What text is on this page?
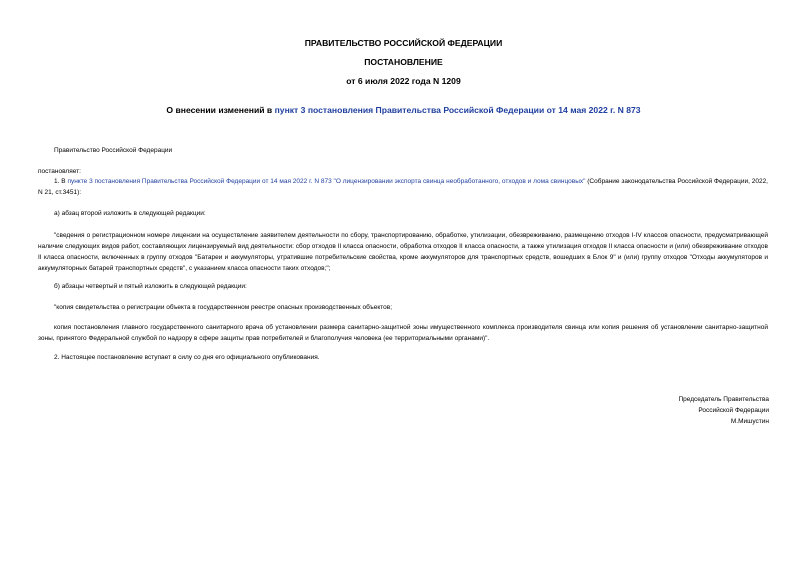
ПРАВИТЕЛЬСТВО РОССИЙСКОЙ ФЕДЕРАЦИИ
ПОСТАНОВЛЕНИЕ
от 6 июля 2022 года N 1209
О внесении изменений в пункт 3 постановления Правительства Российской Федерации от 14 мая 2022 г. N 873
Правительство Российской Федерации
постановляет:
1. В пункте 3 постановления Правительства Российской Федерации от 14 мая 2022 г. N 873 "О лицензировании экспорта свинца необработанного, отходов и лома свинцовых" (Собрание законодательства Российской Федерации, 2022, N 21, ст.3451):
а) абзац второй изложить в следующей редакции:
"сведения о регистрационном номере лицензии на осуществление заявителем деятельности по сбору, транспортированию, обработке, утилизации, обезвреживанию, размещению отходов I-IV классов опасности, предусматривающей наличие следующих видов работ, составляющих лицензируемый вид деятельности: сбор отходов II класса опасности, обработка отходов II класса опасности, а также утилизация отходов II класса опасности и (или) обезвреживание отходов II класса опасности, включенных в группу отходов "Батареи и аккумуляторы, утратившие потребительские свойства, кроме аккумуляторов для транспортных средств, вошедших в Блок 9" и (или) группу отходов "Отходы аккумуляторов и аккумуляторных батарей транспортных средств", с указанием класса опасности таких отходов;";
б) абзацы четвертый и пятый изложить в следующей редакции:
"копия свидетельства о регистрации объекта в государственном реестре опасных производственных объектов;
копия постановления главного государственного санитарного врача об установлении размера санитарно-защитной зоны имущественного комплекса производителя свинца или копия решения об установлении санитарно-защитной зоны, принятого Федеральной службой по надзору в сфере защиты прав потребителей и благополучия человека (ее территориальными органами)".
2. Настоящее постановление вступает в силу со дня его официального опубликования.
Председатель Правительства
Российской Федерации
М.Мишустин
